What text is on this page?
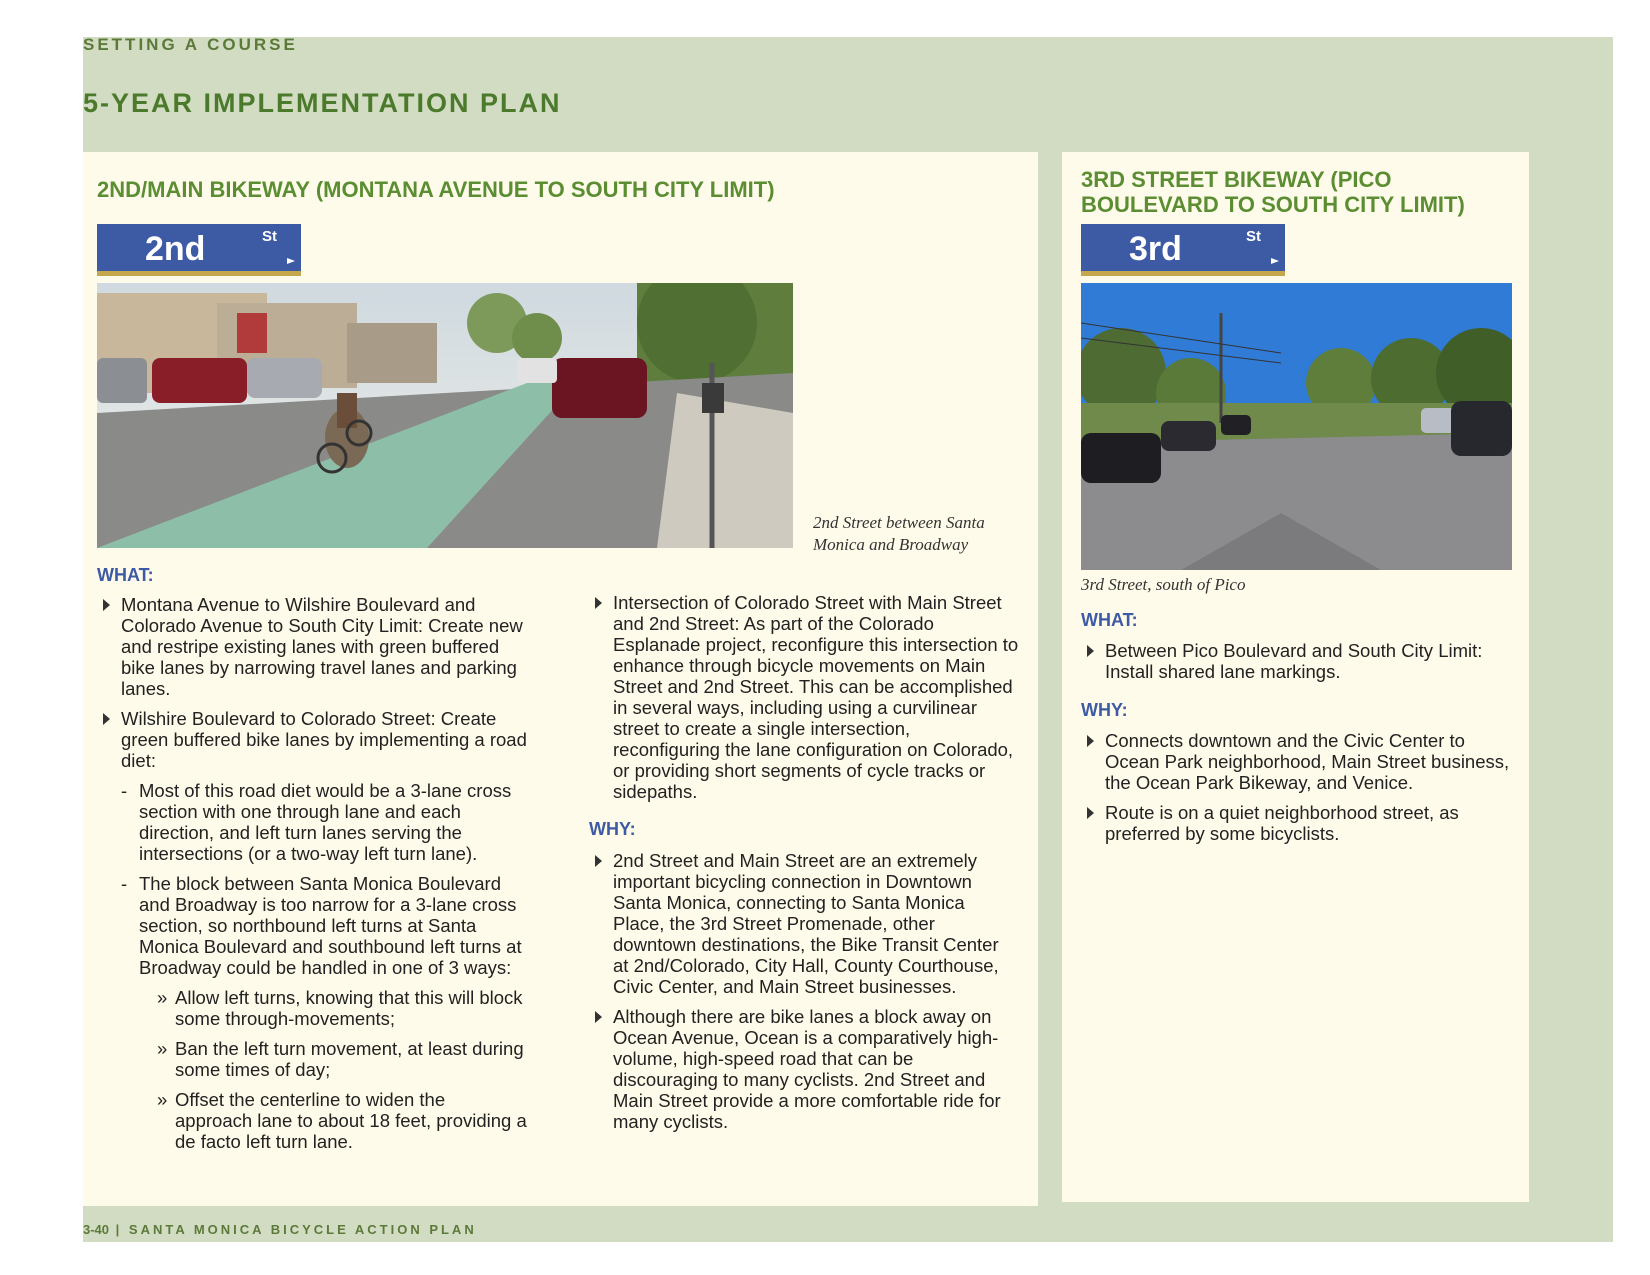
SETTING A COURSE
5-YEAR IMPLEMENTATION PLAN
2ND/MAIN BIKEWAY (MONTANA AVENUE TO SOUTH CITY LIMIT)
2nd	St
2nd Street between Santa
Monica and Broadway
WHAT:
Montana Avenue to Wilshire Boulevard and Colorado Avenue to South City Limit: Create new and restripe existing lanes with green buffered bike lanes by narrowing travel lanes and parking lanes.
Wilshire Boulevard to Colorado Street: Create green buffered bike lanes by implementing a road diet:
- Most of this road diet would be a 3-lane cross section with one through lane and each direction, and left turn lanes serving the intersections (or a two-way left turn lane).
- The block between Santa Monica Boulevard and Broadway is too narrow for a 3-lane cross section, so northbound left turns at Santa Monica Boulevard and southbound left turns at Broadway could be handled in one of 3 ways:
» Allow left turns, knowing that this will block some through-movements;
» Ban the left turn movement, at least during some times of day;
» Offset the centerline to widen the approach lane to about 18 feet, providing a de facto left turn lane.
Intersection of Colorado Street with Main Street and 2nd Street: As part of the Colorado Esplanade project, reconfigure this intersection to enhance through bicycle movements on Main Street and 2nd Street. This can be accomplished in several ways, including using a curvilinear street to create a single intersection, reconfiguring the lane configuration on Colorado, or providing short segments of cycle tracks or sidepaths.
WHY:
2nd Street and Main Street are an extremely important bicycling connection in Downtown Santa Monica, connecting to Santa Monica Place, the 3rd Street Promenade, other downtown destinations, the Bike Transit Center at 2nd/Colorado, City Hall, County Courthouse, Civic Center, and Main Street businesses.
Although there are bike lanes a block away on Ocean Avenue, Ocean is a comparatively high-volume, high-speed road that can be discouraging to many cyclists. 2nd Street and Main Street provide a more comfortable ride for many cyclists.
3RD STREET BIKEWAY (PICO
BOULEVARD TO SOUTH CITY LIMIT)
3rd	St
3rd Street, south of Pico
WHAT:
Between Pico Boulevard and South City Limit: Install shared lane markings.
WHY:
Connects downtown and the Civic Center to Ocean Park neighborhood, Main Street business, the Ocean Park Bikeway, and Venice.
Route is on a quiet neighborhood street, as preferred by some bicyclists.
3-40 | SANTA MONICA BICYCLE ACTION PLAN
